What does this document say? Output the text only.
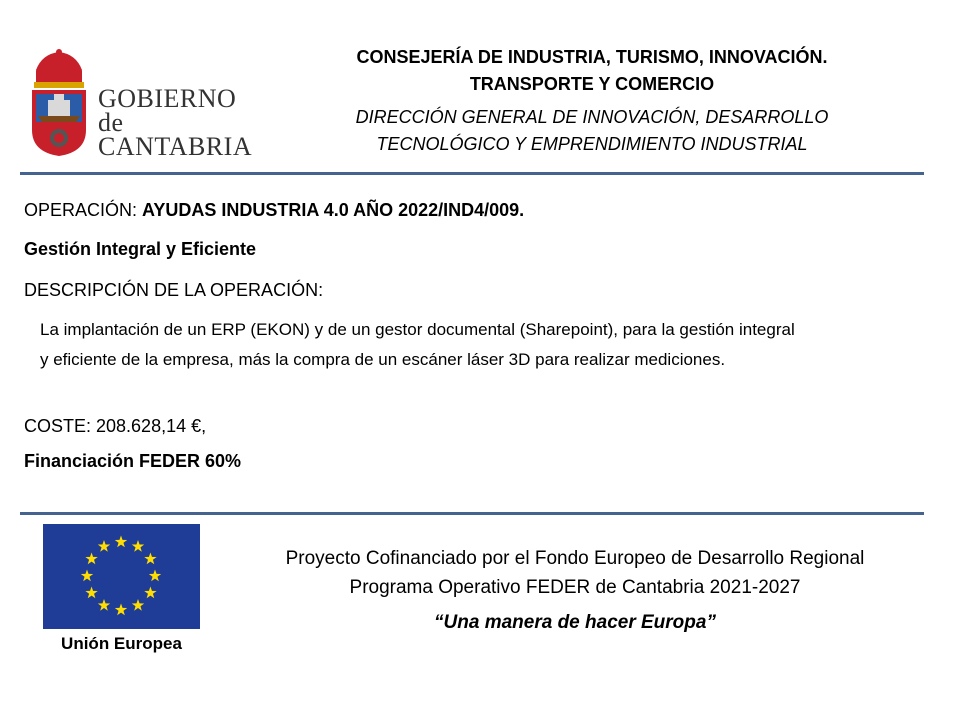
GOBIERNO
de
CANTABRIA
CONSEJERÍA DE INDUSTRIA, TURISMO, INNOVACIÓN.
TRANSPORTE Y COMERCIO
DIRECCIÓN GENERAL DE INNOVACIÓN, DESARROLLO
TECNOLÓGICO Y EMPRENDIMIENTO INDUSTRIAL
OPERACIÓN: AYUDAS INDUSTRIA 4.0 AÑO 2022/IND4/009.
Gestión Integral y Eficiente
DESCRIPCIÓN DE LA OPERACIÓN:
La implantación de un ERP (EKON) y de un gestor documental (Sharepoint), para la gestión integral
y eficiente de la empresa, más la compra de un escáner láser 3D para realizar mediciones.
COSTE: 208.628,14 €,
Financiación FEDER 60%
Unión Europea
Proyecto Cofinanciado por el Fondo Europeo de Desarrollo Regional
Programa Operativo FEDER de Cantabria 2021-2027
“Una manera de hacer Europa”
